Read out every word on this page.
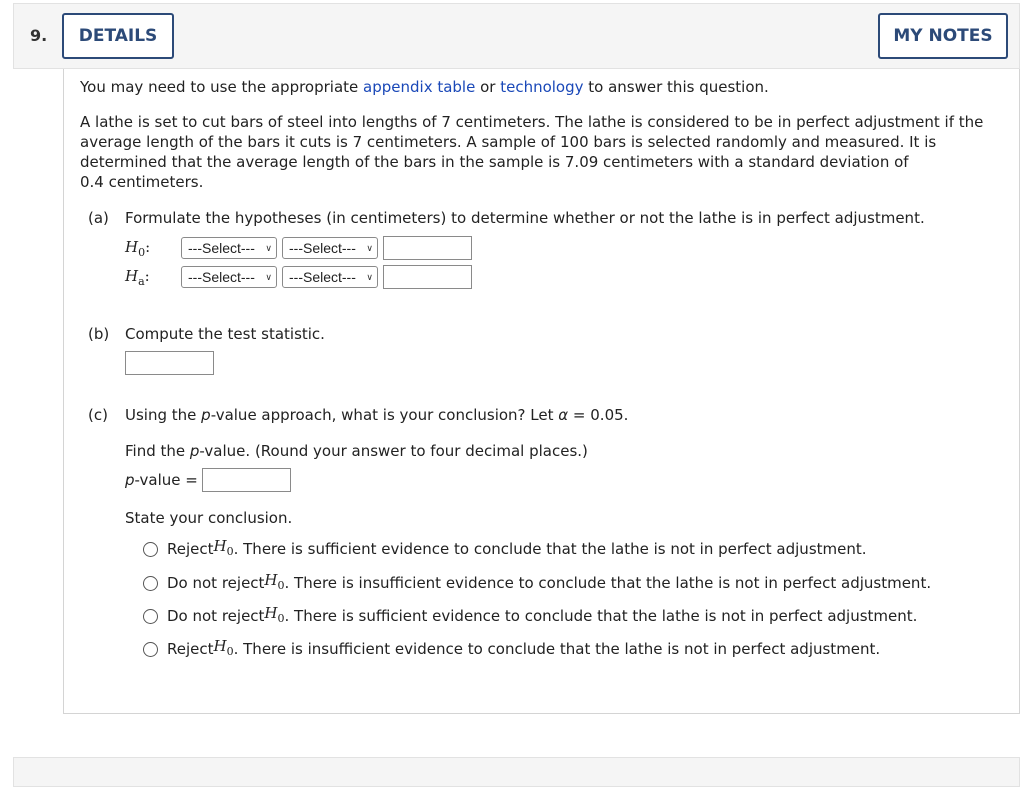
9.	DETAILS	MY NOTES
You may need to use the appropriate appendix table or technology to answer this question.
A lathe is set to cut bars of steel into lengths of 7 centimeters. The lathe is considered to be in perfect adjustment if the
average length of the bars it cuts is 7 centimeters. A sample of 100 bars is selected randomly and measured. It is
determined that the average length of the bars in the sample is 7.09 centimeters with a standard deviation of
0.4 centimeters.
(a) Formulate the hypotheses (in centimeters) to determine whether or not the lathe is in perfect adjustment.
$H_0$:	---Select--- ∨ ---Select--- ∨
$H_a$:	---Select--- ∨ ---Select--- ∨
(b) Compute the test statistic.
(c) Using the p-value approach, what is your conclusion? Let α = 0.05.
Find the p-value. (Round your answer to four decimal places.)
p-value =
State your conclusion.
Reject $H_0$ . There is sufficient evidence to conclude that the lathe is not in perfect adjustment.
Do not reject $H_0$ . There is insufficient evidence to conclude that the lathe is not in perfect adjustment.
Do not reject $H_0$ . There is sufficient evidence to conclude that the lathe is not in perfect adjustment.
Reject $H_0$ . There is insufficient evidence to conclude that the lathe is not in perfect adjustment.
